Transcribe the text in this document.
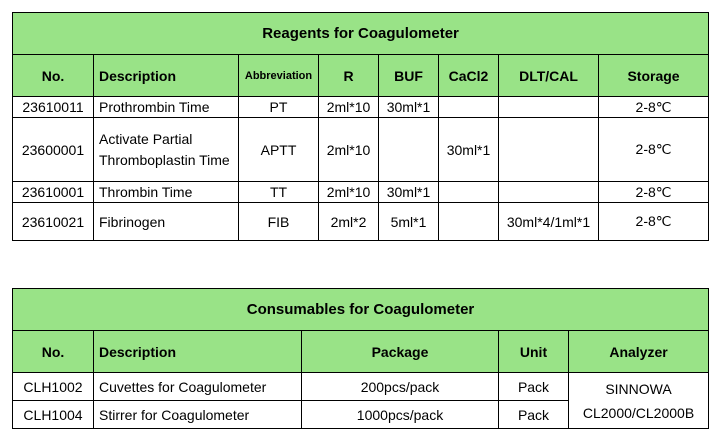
Reagents for Coagulometer							
No.	Description	Abbreviation	R	BUF	CaCl2	DLT/CAL	Storage
23610011	Prothrombin Time	PT	2ml*10	30ml*1			2-8℃
23600001	Activate Partial Thromboplastin Time	APTT	2ml*10		30ml*1		2-8℃
23610001	Thrombin Time	TT	2ml*10	30ml*1			2-8℃
23610021	Fibrinogen	FIB	2ml*2	5ml*1		30ml*4/1ml*1	2-8℃
Consumables for Coagulometer				
No.	Description	Package	Unit	Analyzer
CLH1002	Cuvettes for Coagulometer	200pcs/pack	Pack	SINNOWA CL2000/CL2000B
CLH1004	Stirrer for Coagulometer	1000pcs/pack	Pack	
